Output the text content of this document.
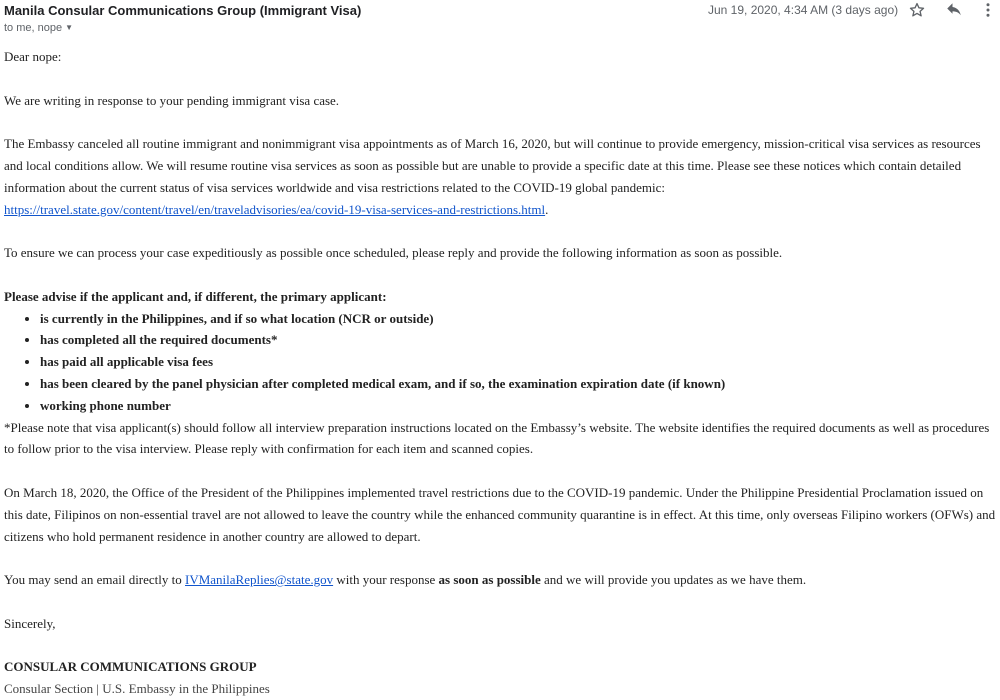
Manila Consular Communications Group (Immigrant Visa)
to me, nope ▼
Jun 19, 2020, 4:34 AM (3 days ago)

Dear nope:

We are writing in response to your pending immigrant visa case.

The Embassy canceled all routine immigrant and nonimmigrant visa appointments as of March 16, 2020, but will continue to provide emergency, mission-critical visa services as resources and local conditions allow. We will resume routine visa services as soon as possible but are unable to provide a specific date at this time. Please see these notices which contain detailed information about the current status of visa services worldwide and visa restrictions related to the COVID-19 global pandemic: https://travel.state.gov/content/travel/en/traveladvisories/ea/covid-19-visa-services-and-restrictions.html.

To ensure we can process your case expeditiously as possible once scheduled, please reply and provide the following information as soon as possible.

Please advise if the applicant and, if different, the primary applicant:

• is currently in the Philippines, and if so what location (NCR or outside)
• has completed all the required documents*
• has paid all applicable visa fees
• has been cleared by the panel physician after completed medical exam, and if so, the examination expiration date (if known)
• working phone number

*Please note that visa applicant(s) should follow all interview preparation instructions located on the Embassy’s website. The website identifies the required documents as well as procedures to follow prior to the visa interview. Please reply with confirmation for each item and scanned copies.

On March 18, 2020, the Office of the President of the Philippines implemented travel restrictions due to the COVID-19 pandemic. Under the Philippine Presidential Proclamation issued on this date, Filipinos on non-essential travel are not allowed to leave the country while the enhanced community quarantine is in effect. At this time, only overseas Filipino workers (OFWs) and citizens who hold permanent residence in another country are allowed to depart.

You may send an email directly to IVManilaReplies@state.gov with your response as soon as possible and we will provide you updates as we have them.

Sincerely,

CONSULAR COMMUNICATIONS GROUP

Consular Section | U.S. Embassy in the Philippines
